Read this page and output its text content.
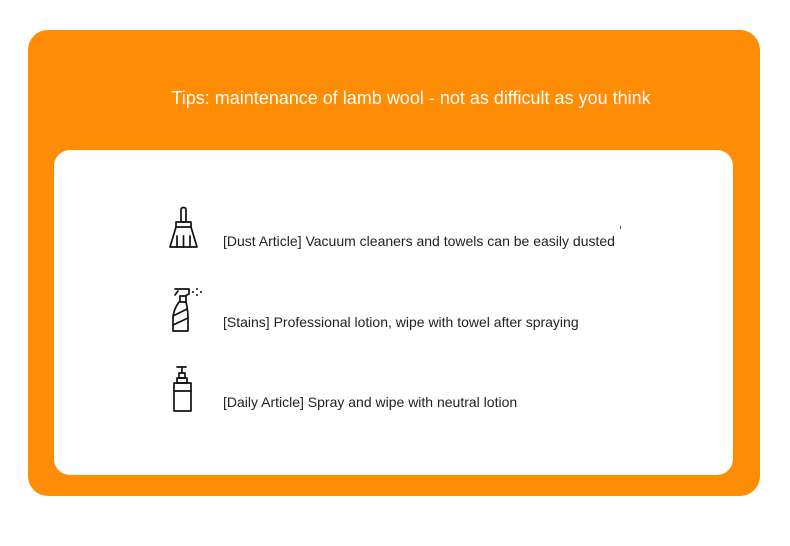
Tips: maintenance of lamb wool - not as difficult as you think
[Dust Article] Vacuum cleaners and towels can be easily dusted
[Stains] Professional lotion, wipe with towel after spraying
[Daily Article] Spray and wipe with neutral lotion
